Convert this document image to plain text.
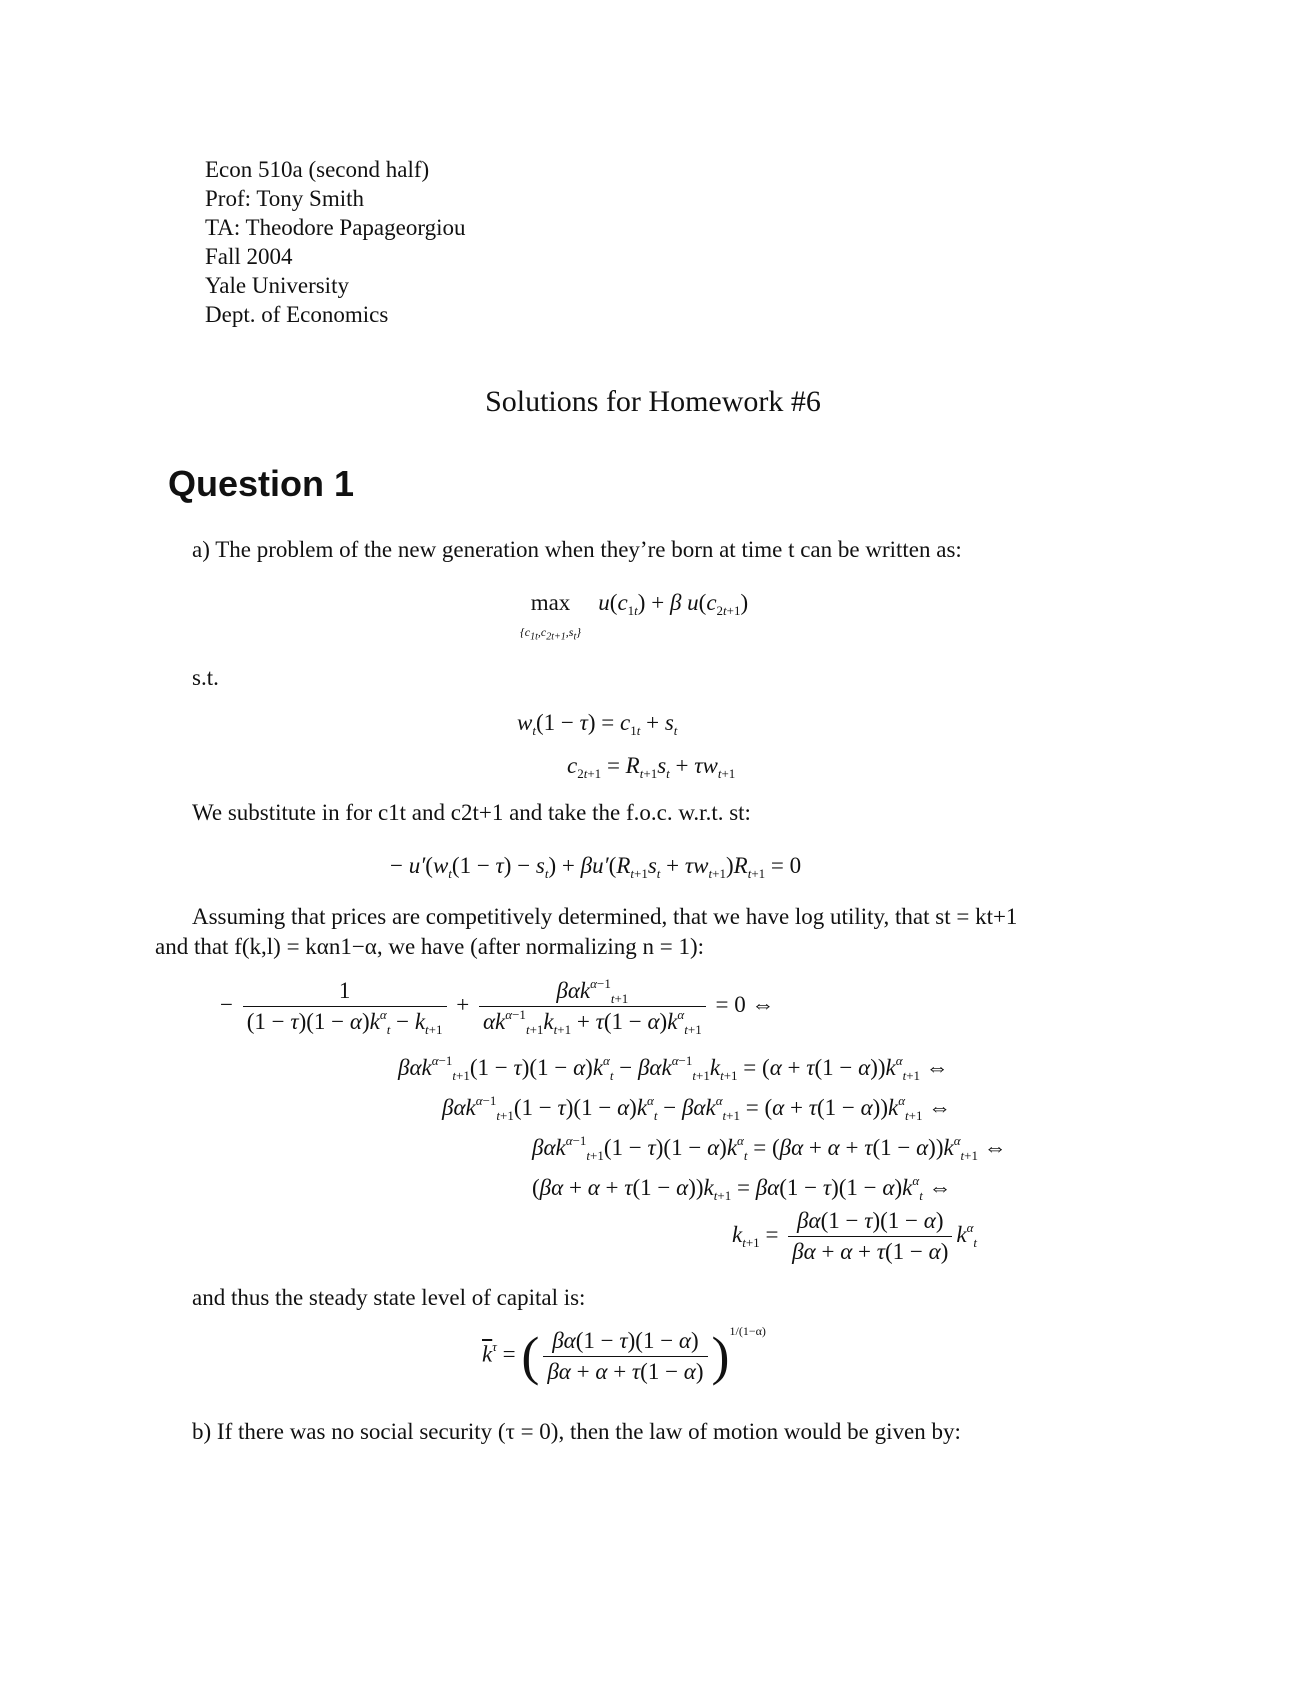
Econ 510a (second half)
Prof: Tony Smith
TA: Theodore Papageorgiou
Fall 2004
Yale University
Dept. of Economics
Solutions for Homework #6
Question 1
a) The problem of the new generation when they’re born at time t can be written as:
max
$\{c_{1t},c_{2t+1},s_t\} u(c_{1t}) + \beta$ $u(c_{2t+1})$
s.t.
$w_t(1 - \tau) = c_{1t} + s_t$
$c_{2t+1} = R_{t+1}s_t + \tau w_{t+1}$
We substitute in for c1t and c2t+1 and take the f.o.c. w.r.t. st:
− $u'(w_t(1 - \tau) - s_t) + \beta u'(R_{t+1}s_t + \tau w_{t+1})R_{t+1} = 0$
Assuming that prices are competitively determined, that we have log utility, that st = kt+1
and that f(k,l) = kαn1−α, we have (after normalizing n = 1):
− $\frac{1}{(1 - \tau)(1 - \alpha)k^\alpha_t - k_{t+1}} + \frac{\beta\alpha k^{\alpha-1}_{t+1}}{\alpha k^{\alpha-1}_{t+1}k_{t+1} + \tau(1 - \alpha)k^\alpha_{t+1}} = 0$ ⇔
$\beta\alpha k^{\alpha-1}_{t+1}(1 - \tau)(1 - \alpha)k^\alpha_t - \beta\alpha k^{\alpha-1}_{t+1}k_{t+1} = (\alpha + \tau(1 - \alpha))k^\alpha_{t+1}$ ⇔
$\beta\alpha k^{\alpha-1}_{t+1}(1 - \tau)(1 - \alpha)k^\alpha_t - \beta\alpha k^\alpha_{t+1} = (\alpha + \tau(1 - \alpha))k^\alpha_{t+1}$ ⇔
$\beta\alpha k^{\alpha-1}_{t+1}(1 - \tau)(1 - \alpha)k^\alpha_t = (\beta\alpha + \alpha + \tau(1 - \alpha))k^\alpha_{t+1}$ ⇔
$(\beta\alpha + \alpha + \tau(1 - \alpha))k_{t+1} = \beta\alpha(1 - \tau)(1 - \alpha)k^\alpha_t$ ⇔
$k_{t+1} = \frac{\beta\alpha(1 - \tau)(1 - \alpha)}{\beta\alpha + \alpha + \tau(1 - \alpha)} k^\alpha_t$
and thus the steady state level of capital is:
$\overline{k}^\tau$ = ( $\frac{\beta\alpha(1 - \tau)(1 - \alpha)}{\beta\alpha + \alpha + \tau(1 - \alpha)} )^{1/(1-\alpha)}$
b) If there was no social security (τ = 0), then the law of motion would be given by:
